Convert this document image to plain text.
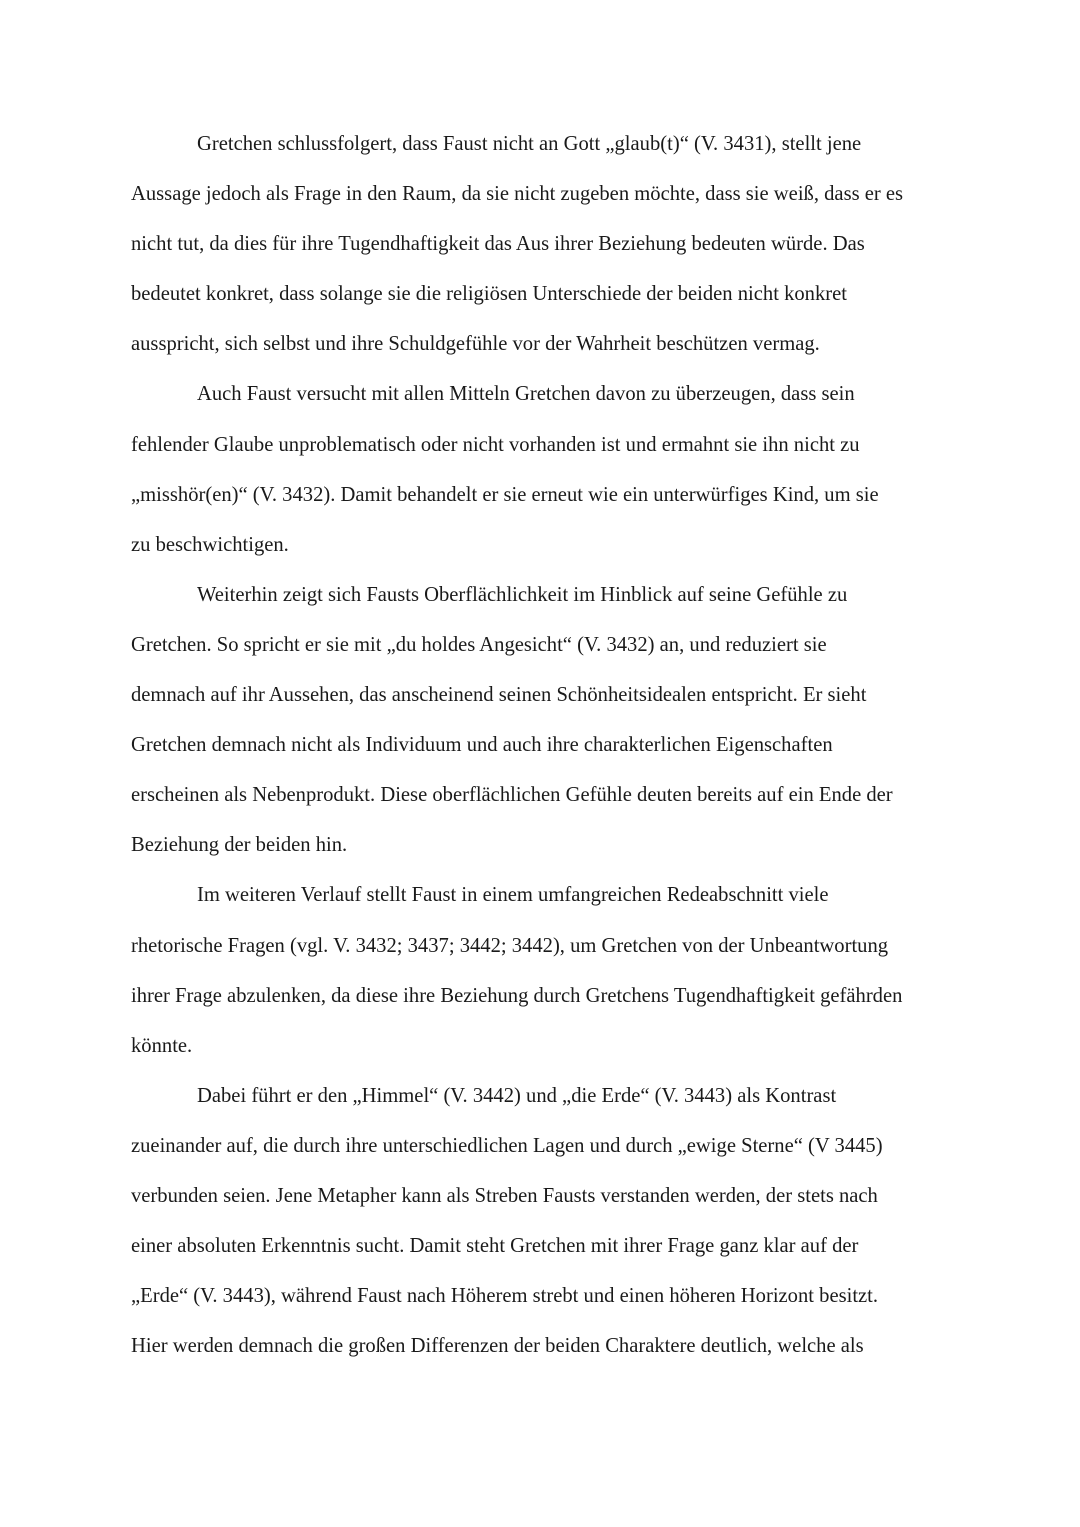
Gretchen schlussfolgert, dass Faust nicht an Gott „glaub(t)“ (V. 3431), stellt jene
Aussage jedoch als Frage in den Raum, da sie nicht zugeben möchte, dass sie weiß, dass er es
nicht tut, da dies für ihre Tugendhaftigkeit das Aus ihrer Beziehung bedeuten würde. Das
bedeutet konkret, dass solange sie die religiösen Unterschiede der beiden nicht konkret
ausspricht, sich selbst und ihre Schuldgefühle vor der Wahrheit beschützen vermag.
Auch Faust versucht mit allen Mitteln Gretchen davon zu überzeugen, dass sein
fehlender Glaube unproblematisch oder nicht vorhanden ist und ermahnt sie ihn nicht zu
„misshör(en)“ (V. 3432). Damit behandelt er sie erneut wie ein unterwürfiges Kind, um sie
zu beschwichtigen.
Weiterhin zeigt sich Fausts Oberflächlichkeit im Hinblick auf seine Gefühle zu
Gretchen. So spricht er sie mit „du holdes Angesicht“ (V. 3432) an, und reduziert sie
demnach auf ihr Aussehen, das anscheinend seinen Schönheitsidealen entspricht. Er sieht
Gretchen demnach nicht als Individuum und auch ihre charakterlichen Eigenschaften
erscheinen als Nebenprodukt. Diese oberflächlichen Gefühle deuten bereits auf ein Ende der
Beziehung der beiden hin.
Im weiteren Verlauf stellt Faust in einem umfangreichen Redeabschnitt viele
rhetorische Fragen (vgl. V. 3432; 3437; 3442; 3442), um Gretchen von der Unbeantwortung
ihrer Frage abzulenken, da diese ihre Beziehung durch Gretchens Tugendhaftigkeit gefährden
könnte.
Dabei führt er den „Himmel“ (V. 3442) und „die Erde“ (V. 3443) als Kontrast
zueinander auf, die durch ihre unterschiedlichen Lagen und durch „ewige Sterne“ (V 3445)
verbunden seien. Jene Metapher kann als Streben Fausts verstanden werden, der stets nach
einer absoluten Erkenntnis sucht. Damit steht Gretchen mit ihrer Frage ganz klar auf der
„Erde“ (V. 3443), während Faust nach Höherem strebt und einen höheren Horizont besitzt.
Hier werden demnach die großen Differenzen der beiden Charaktere deutlich, welche als
